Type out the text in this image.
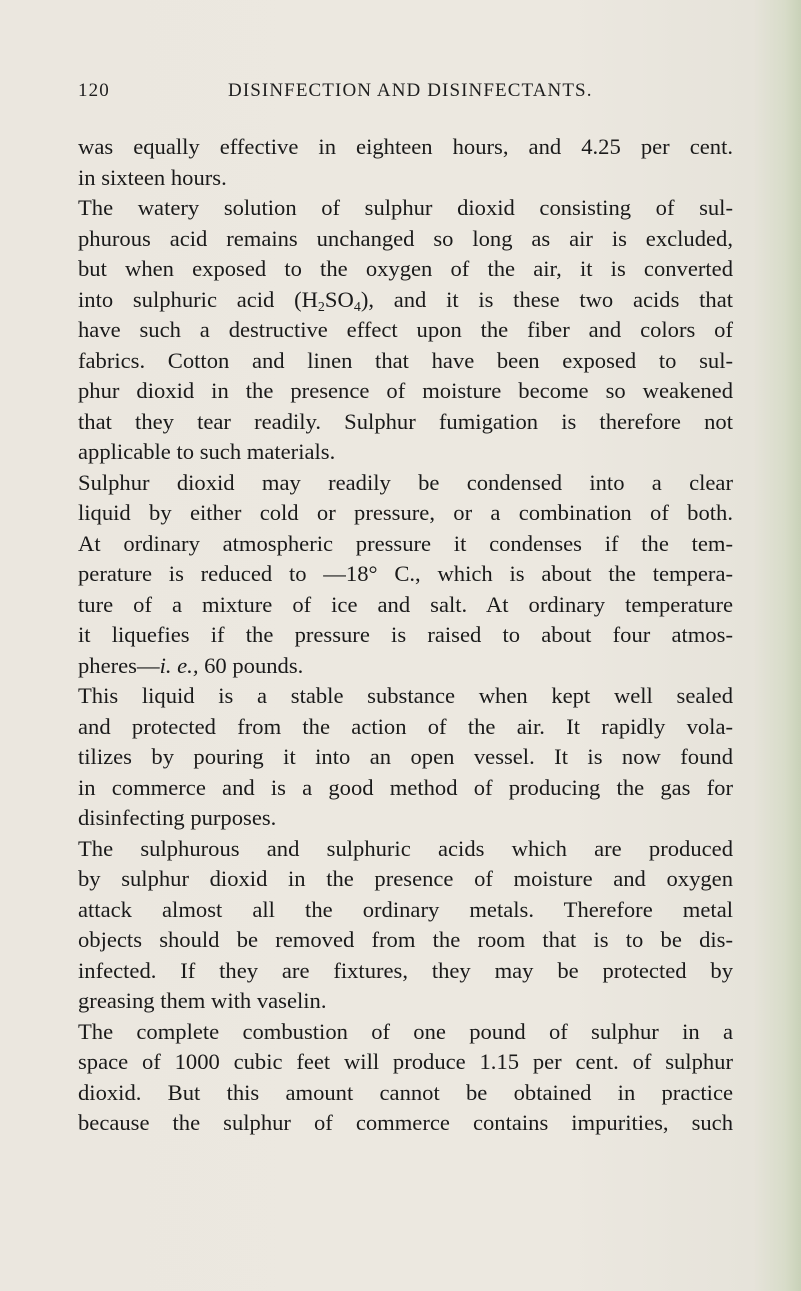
120	DISINFECTION AND DISINFECTANTS.
was equally effective in eighteen hours, and 4.25 per cent.
in sixteen hours.
The watery solution of sulphur dioxid consisting of sul-
phurous acid remains unchanged so long as air is excluded,
but when exposed to the oxygen of the air, it is converted
into sulphuric acid $(H_2SO_4)$, and it is these two acids that
have such a destructive effect upon the fiber and colors of
fabrics. Cotton and linen that have been exposed to sul-
phur dioxid in the presence of moisture become so weakened
that they tear readily. Sulphur fumigation is therefore not
applicable to such materials.
Sulphur dioxid may readily be condensed into a clear
liquid by either cold or pressure, or a combination of both.
At ordinary atmospheric pressure it condenses if the tem-
perature is reduced to —18° C., which is about the tempera-
ture of a mixture of ice and salt. At ordinary temperature
it liquefies if the pressure is raised to about four atmos-
pheres—i. e., 60 pounds.
This liquid is a stable substance when kept well sealed
and protected from the action of the air. It rapidly vola-
tilizes by pouring it into an open vessel. It is now found
in commerce and is a good method of producing the gas for
disinfecting purposes.
The sulphurous and sulphuric acids which are produced
by sulphur dioxid in the presence of moisture and oxygen
attack almost all the ordinary metals. Therefore metal
objects should be removed from the room that is to be dis-
infected. If they are fixtures, they may be protected by
greasing them with vaselin.
The complete combustion of one pound of sulphur in a
space of 1000 cubic feet will produce 1.15 per cent. of sulphur
dioxid. But this amount cannot be obtained in practice
because the sulphur of commerce contains impurities, such
